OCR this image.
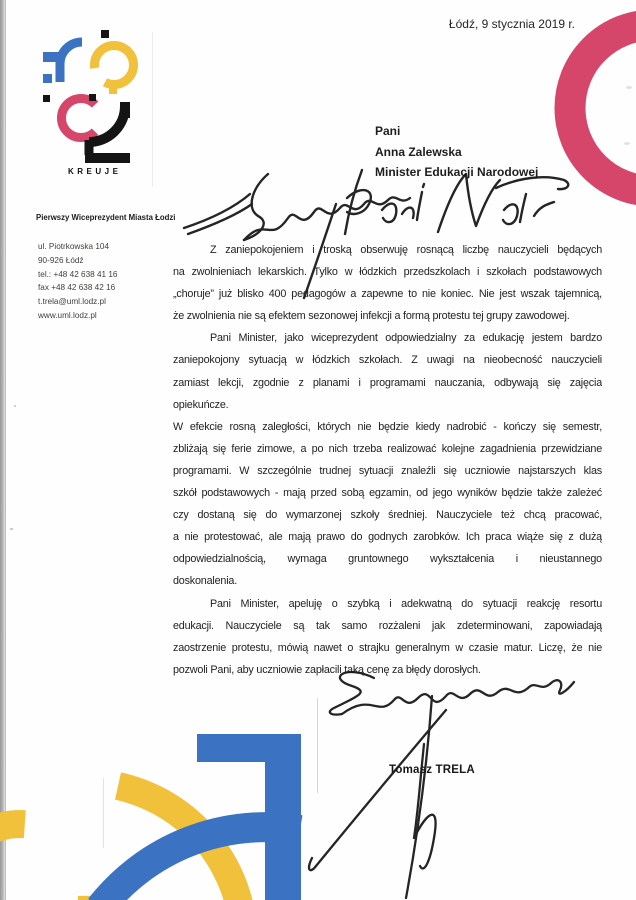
Łódź, 9 stycznia 2019 r.
KREUJE
Pierwszy Wiceprezydent Miasta Łodzi
ul. Piotrkowska 104
90-926 Łódź
tel.: +48 42 638 41 16
fax +48 42 638 42 16
t.trela@uml.lodz.pl
www.uml.lodz.pl
Pani
Anna Zalewska
Minister Edukacji Narodowej
Z zaniepokojeniem i troską obserwuję rosnącą liczbę nauczycieli będących
na zwolnieniach lekarskich. Tylko w łódzkich przedszkolach i szkołach podstawowych
„choruje” już blisko 400 pedagogów a zapewne to nie koniec. Nie jest wszak tajemnicą,
że zwolnienia nie są efektem sezonowej infekcji a formą protestu tej grupy zawodowej.
Pani Minister, jako wiceprezydent odpowiedzialny za edukację jestem bardzo
zaniepokojony sytuacją w łódzkich szkołach. Z uwagi na nieobecność nauczycieli
zamiast lekcji, zgodnie z planami i programami nauczania, odbywają się zajęcia
opiekuńcze.
W efekcie rosną zaległości, których nie będzie kiedy nadrobić - kończy się semestr,
zbliżają się ferie zimowe, a po nich trzeba realizować kolejne zagadnienia przewidziane
programami. W szczególnie trudnej sytuacji znaleźli się uczniowie najstarszych klas
szkół podstawowych - mają przed sobą egzamin, od jego wyników będzie także zależeć
czy dostaną się do wymarzonej szkoły średniej. Nauczyciele też chcą pracować,
a nie protestować, ale mają prawo do godnych zarobków. Ich praca wiąże się z dużą
odpowiedzialnością, wymaga gruntownego wykształcenia i nieustannego
doskonalenia.
Pani Minister, apeluję o szybką i adekwatną do sytuacji reakcję resortu
edukacji. Nauczyciele są tak samo rozżaleni jak zdeterminowani, zapowiadają
zaostrzenie protestu, mówią nawet o strajku generalnym w czasie matur. Liczę, że nie
pozwoli Pani, aby uczniowie zapłacili taką cenę za błędy dorosłych.
Tomasz TRELA
